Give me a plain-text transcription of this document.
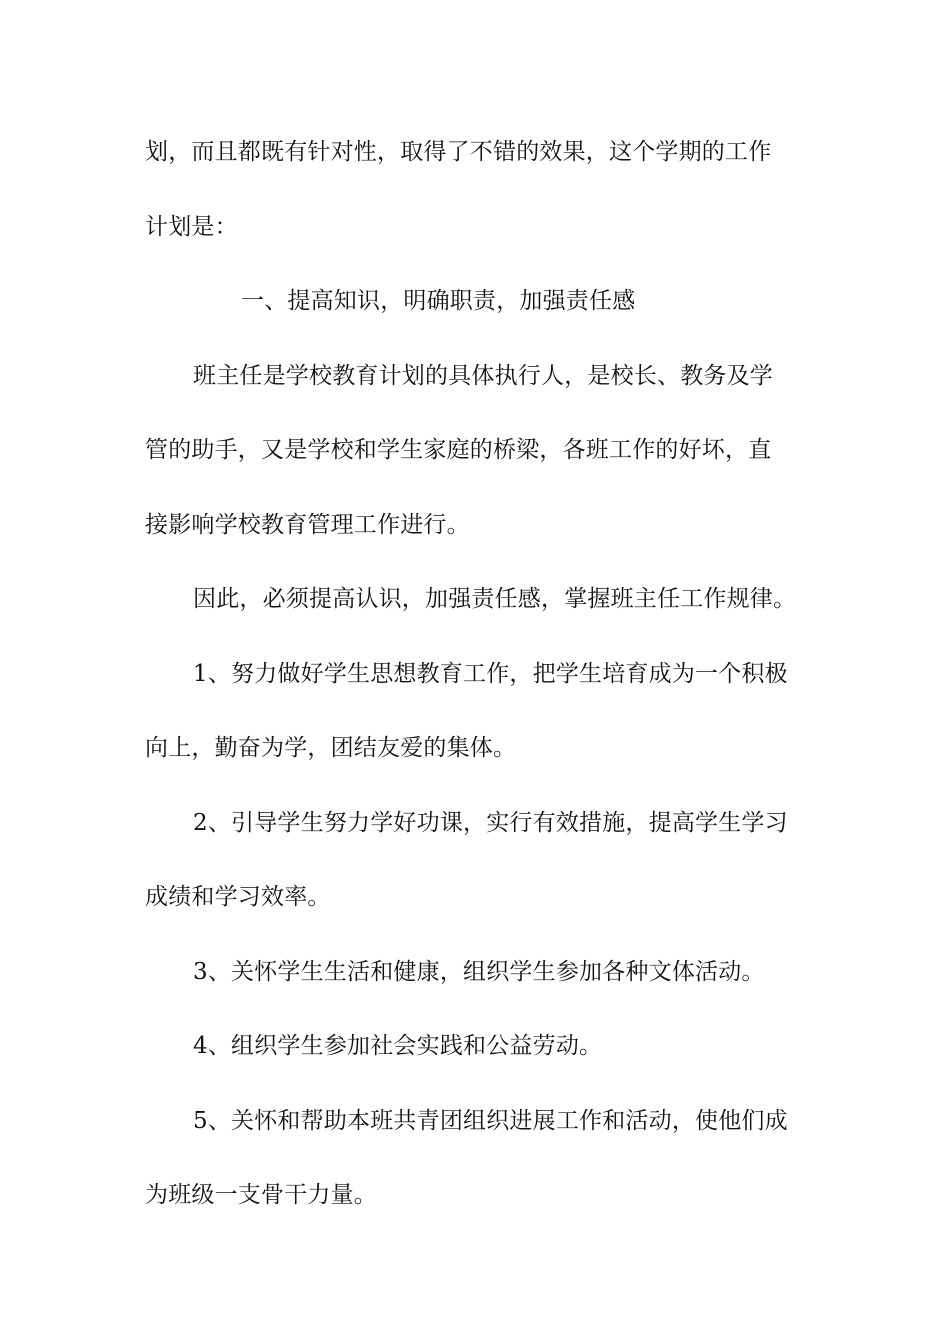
划，而且都既有针对性，取得了不错的效果，这个学期的工作
计划是：
一、提高知识，明确职责，加强责任感
班主任是学校教育计划的具体执行人，是校长、教务及学
管的助手，又是学校和学生家庭的桥梁，各班工作的好坏，直
接影响学校教育管理工作进行。
因此，必须提高认识，加强责任感，掌握班主任工作规律。
1、努力做好学生思想教育工作，把学生培育成为一个积极
向上，勤奋为学，团结友爱的集体。
2、引导学生努力学好功课，实行有效措施，提高学生学习
成绩和学习效率。
3、关怀学生生活和健康，组织学生参加各种文体活动。
4、组织学生参加社会实践和公益劳动。
5、关怀和帮助本班共青团组织进展工作和活动，使他们成
为班级一支骨干力量。
